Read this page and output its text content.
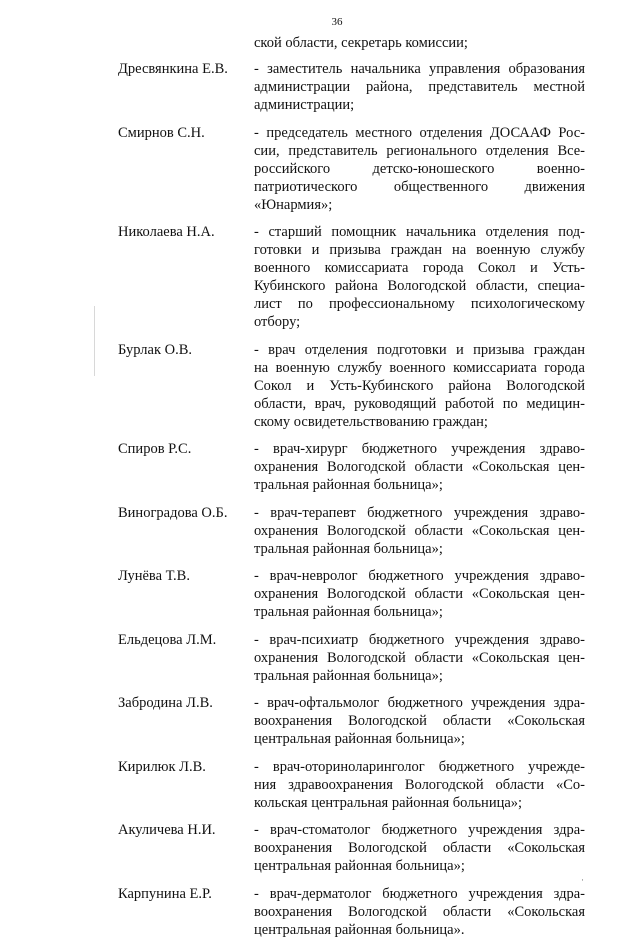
36
ской области, секретарь комиссии;
Дресвянкина Е.В. - заместитель начальника управления образования
администрации района, представитель местной
администрации;
Смирнов С.Н.	- председатель местного отделения ДОСААФ Рос-
сии, представитель регионального отделения Все-
российского детско-юношеского военно-
патриотического общественного движения
«Юнармия»;
Николаева Н.А.	- старший помощник начальника отделения под-
готовки и призыва граждан на военную службу
военного комиссариата города Сокол и Усть-
Кубинского района Вологодской области, специа-
лист по профессиональному психологическому
отбору;
Бурлак О.В.	- врач отделения подготовки и призыва граждан
на военную службу военного комиссариата города
Сокол и Усть-Кубинского района Вологодской
области, врач, руководящий работой по медицин-
скому освидетельствованию граждан;
Спиров Р.С.	- врач-хирург бюджетного учреждения здраво-
охранения Вологодской области «Сокольская цен-
тральная районная больница»;
Виноградова О.Б. - врач-терапевт бюджетного учреждения здраво-
охранения Вологодской области «Сокольская цен-
тральная районная больница»;
Лунёва Т.В.	- врач-невролог бюджетного учреждения здраво-
охранения Вологодской области «Сокольская цен-
тральная районная больница»;
Ельдецова Л.М.	- врач-психиатр бюджетного учреждения здраво-
охранения Вологодской области «Сокольская цен-
тральная районная больница»;
Забродина Л.В.	- врач-офтальмолог бюджетного учреждения здра-
воохранения Вологодской области «Сокольская
центральная районная больница»;
Кирилюк Л.В.	- врач-оториноларинголог бюджетного учрежде-
ния здравоохранения Вологодской области «Со-
кольская центральная районная больница»;
Акуличева Н.И.	- врач-стоматолог бюджетного учреждения здра-
воохранения Вологодской области «Сокольская
центральная районная больница»;
Карпунина Е.Р.	- врач-дерматолог бюджетного учреждения здра-
воохранения Вологодской области «Сокольская
центральная районная больница».
·
